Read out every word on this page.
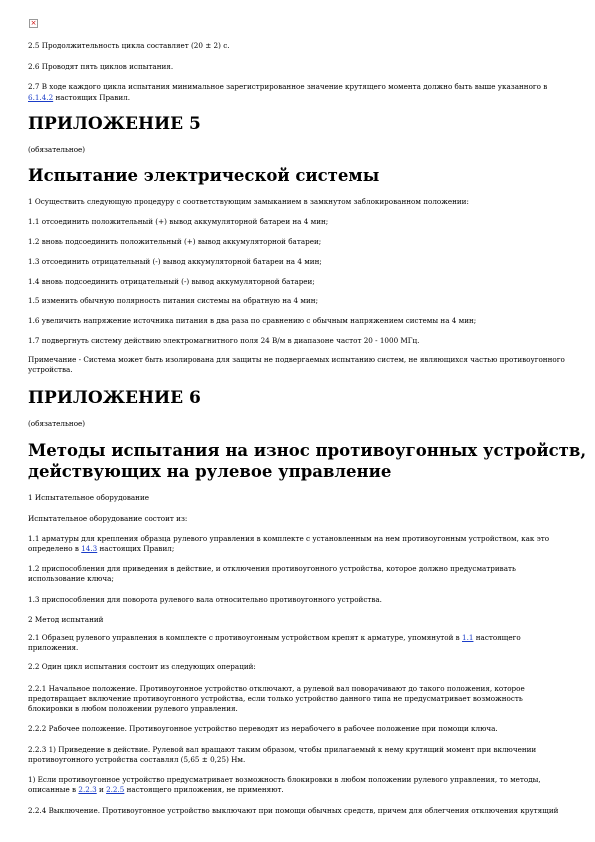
×
2.5 Продолжительность цикла составляет (20 ± 2) с.
2.6 Проводят пять циклов испытания.
2.7 В ходе каждого цикла испытания минимальное зарегистрированное значение крутящего момента должно быть выше указанного в
6.1.4.2 настоящих Правил.
ПРИЛОЖЕНИЕ 5
(обязательное)
Испытание электрической системы
1 Осуществить следующую процедуру с соответствующим замыканием в замкнутом заблокированном положении:
1.1 отсоединить положительный (+) вывод аккумуляторной батареи на 4 мин;
1.2 вновь подсоединить положительный (+) вывод аккумуляторной батареи;
1.3 отсоединить отрицательный (-) вывод аккумуляторной батареи на 4 мин;
1.4 вновь подсоединить отрицательный (-) вывод аккумуляторной батареи;
1.5 изменить обычную полярность питания системы на обратную на 4 мин;
1.6 увеличить напряжение источника питания в два раза по сравнению с обычным напряжением системы на 4 мин;
1.7 подвергнуть систему действию электромагнитного поля 24 В/м в диапазоне частот 20 - 1000 МГц.
Примечание - Система может быть изолирована для защиты не подвергаемых испытанию систем, не являющихся частью противоугонного
устройства.
ПРИЛОЖЕНИЕ 6
(обязательное)
Методы испытания на износ противоугонных устройств,
действующих на рулевое управление
1 Испытательное оборудование
Испытательное оборудование состоит из:
1.1 арматуры для крепления образца рулевого управления в комплекте с установленным на нем противоугонным устройством, как это
определено в 14.3 настоящих Правил;
1.2 приспособления для приведения в действие, и отключения противоугонного устройства, которое должно предусматривать
использование ключа;
1.3 приспособления для поворота рулевого вала относительно противоугонного устройства.
2 Метод испытаний
2.1 Образец рулевого управления в комплекте с противоугонным устройством крепят к арматуре, упомянутой в 1.1 настоящего
приложения.
2.2 Один цикл испытания состоит из следующих операций:
2.2.1 Начальное положение. Противоугонное устройство отключают, а рулевой вал поворачивают до такого положения, которое
предотвращает включение противоугонного устройства, если только устройство данного типа не предусматривает возможность
блокировки в любом положении рулевого управления.
2.2.2 Рабочее положение. Противоугонное устройство переводят из нерабочего в рабочее положение при помощи ключа.
2.2.3 1) Приведение в действие. Рулевой вал вращают таким образом, чтобы прилагаемый к нему крутящий момент при включении
противоугонного устройства составлял (5,65 ± 0,25) Нм.
1) Если противоугонное устройство предусматривает возможность блокировки в любом положении рулевого управления, то методы,
описанные в 2.2.3 и 2.2.5 настоящего приложения, не применяют.
2.2.4 Выключение. Противоугонное устройство выключают при помощи обычных средств, причем для облегчения отключения крутящий
